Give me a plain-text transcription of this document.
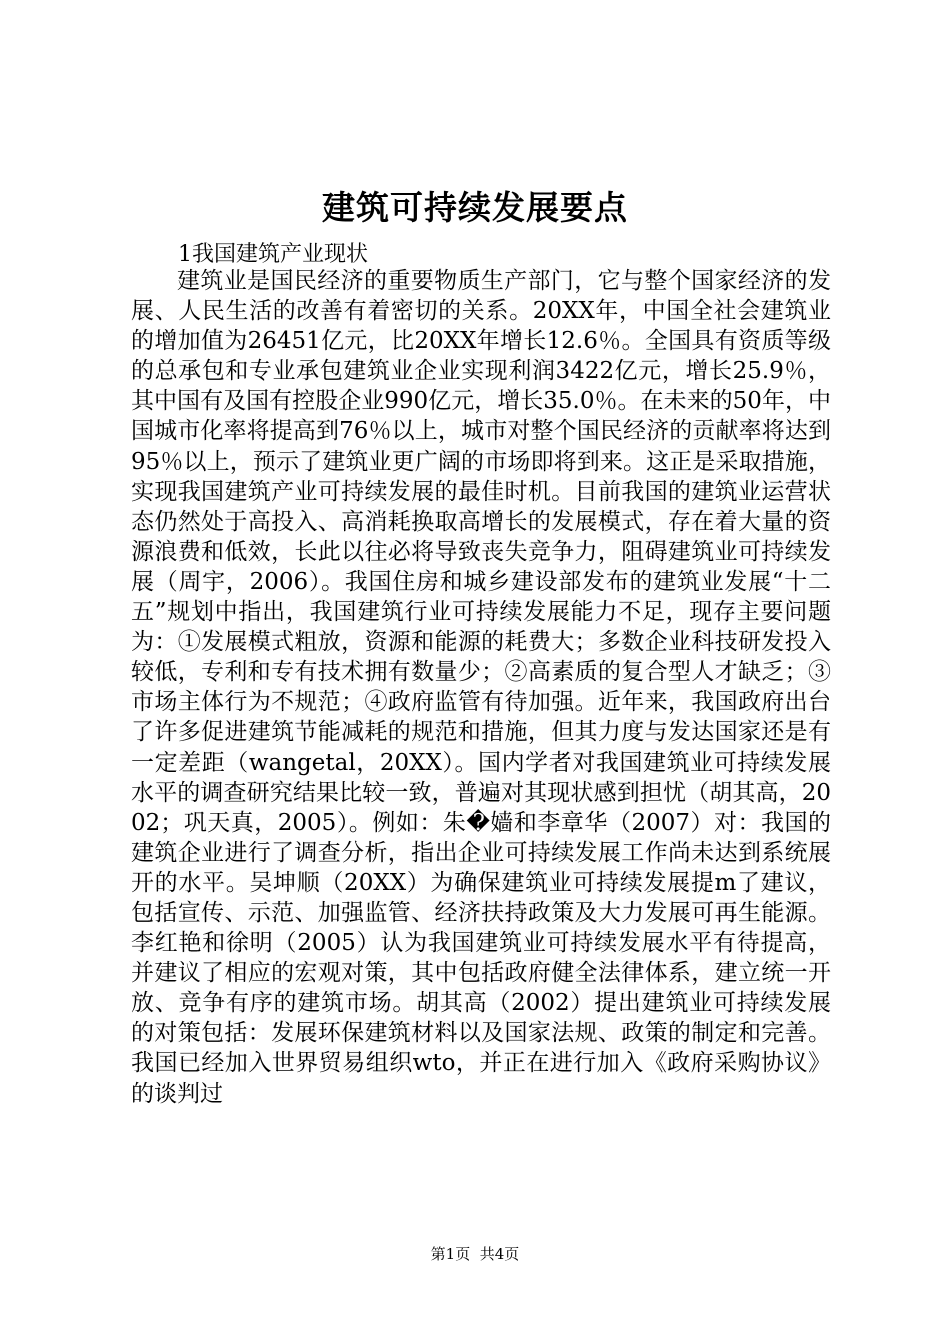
建筑可持续发展要点

1我国建筑产业现状

建筑业是国民经济的重要物质生产部门，它与整个国家经济的发展、人民生活的改善有着密切的关系。20XX年，中国全社会建筑业的增加值为26451亿元，比20XX年增长12.6％。全国具有资质等级的总承包和专业承包建筑业企业实现利润3422亿元，增长25.9％，其中国有及国有控股企业990亿元，增长35.0％。在未来的50年，中国城市化率将提高到76％以上，城市对整个国民经济的贡献率将达到95％以上，预示了建筑业更广阔的市场即将到来。这正是采取措施，实现我国建筑产业可持续发展的最佳时机。目前我国的建筑业运营状态仍然处于高投入、高消耗换取高增长的发展模式，存在着大量的资源浪费和低效，长此以往必将导致丧失竞争力，阻碍建筑业可持续发展（周宇，2006）。我国住房和城乡建设部发布的建筑业发展“十二五”规划中指出，我国建筑行业可持续发展能力不足，现存主要问题为：①发展模式粗放，资源和能源的耗费大；多数企业科技研发投入较低，专利和专有技术拥有数量少；②高素质的复合型人才缺乏；③市场主体行为不规范；④政府监管有待加强。近年来，我国政府出台了许多促进建筑节能减耗的规范和措施，但其力度与发达国家还是有一定差距（wangetal，20XX）。国内学者对我国建筑业可持续发展水平的调查研究结果比较一致，普遍对其现状感到担忧（胡其高，2002；巩天真，2005）。例如：朱�嫱和李章华（2007）对：我国的建筑企业进行了调查分析，指出企业可持续发展工作尚未达到系统展开的水平。吴坤顺（20XX）为确保建筑业可持续发展提m了建议，包括宣传、示范、加强监管、经济扶持政策及大力发展可再生能源。李红艳和徐明（2005）认为我国建筑业可持续发展水平有待提高，并建议了相应的宏观对策，其中包括政府健全法律体系，建立统一开放、竞争有序的建筑市场。胡其高（2002）提出建筑业可持续发展的对策包括：发展环保建筑材料以及国家法规、政策的制定和完善。我国已经加入世界贸易组织wto，并正在进行加入《政府采购协议》的谈判过

第1页 共4页
